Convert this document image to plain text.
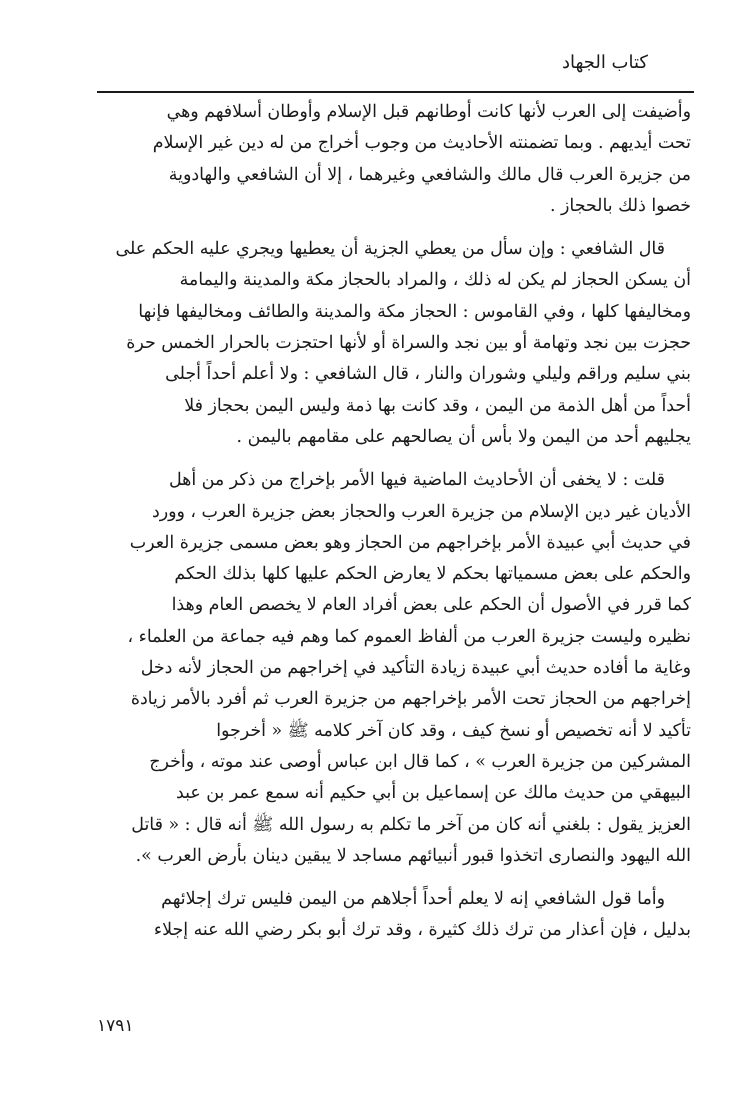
كتاب الجهاد

وأضيفت إلى العرب لأنها كانت أوطانهم قبل الإسلام وأوطان أسلافهم وهي
تحت أيديهم . وبما تضمنته الأحاديث من وجوب أخراج من له دين غير الإسلام
من جزيرة العرب قال مالك والشافعي وغيرهما ، إلا أن الشافعي والهادوية
خصوا ذلك بالحجاز .

قال الشافعي : وإن سأل من يعطي الجزية أن يعطيها ويجري عليه الحكم على
أن يسكن الحجاز لم يكن له ذلك ، والمراد بالحجاز مكة والمدينة واليمامة
ومخاليفها كلها ، وفي القاموس : الحجاز مكة والمدينة والطائف ومخاليفها فإنها
حجزت بين نجد وتهامة أو بين نجد والسراة أو لأنها احتجزت بالحرار الخمس حرة
بني سليم وراقم وليلي وشوران والنار ، قال الشافعي : ولا أعلم أحداً أجلى
أحداً من أهل الذمة من اليمن ، وقد كانت بها ذمة وليس اليمن بحجاز فلا
يجليهم أحد من اليمن ولا بأس أن يصالحهم على مقامهم باليمن .

قلت : لا يخفى أن الأحاديث الماضية فيها الأمر بإخراج من ذكر من أهل
الأديان غير دين الإسلام من جزيرة العرب والحجاز بعض جزيرة العرب ، وورد
في حديث أبي عبيدة الأمر بإخراجهم من الحجاز وهو بعض مسمى جزيرة العرب
والحكم على بعض مسمياتها بحكم لا يعارض الحكم عليها كلها بذلك الحكم
كما قرر في الأصول أن الحكم على بعض أفراد العام لا يخصص العام وهذا
نظيره وليست جزيرة العرب من ألفاظ العموم كما وهم فيه جماعة من العلماء ،
وغاية ما أفاده حديث أبي عبيدة زيادة التأكيد في إخراجهم من الحجاز لأنه دخل
إخراجهم من الحجاز تحت الأمر بإخراجهم من جزيرة العرب ثم أفرد بالأمر زيادة
تأكيد لا أنه تخصيص أو نسخ كيف ، وقد كان آخر كلامه ﷺ « أخرجوا
المشركين من جزيرة العرب » ، كما قال ابن عباس أوصى عند موته ، وأخرج
البيهقي من حديث مالك عن إسماعيل بن أبي حكيم أنه سمع عمر بن عبد
العزيز يقول : بلغني أنه كان من آخر ما تكلم به رسول الله ﷺ أنه قال : « قاتل
الله اليهود والنصارى اتخذوا قبور أنبيائهم مساجد لا يبقين دينان بأرض العرب ».

وأما قول الشافعي إنه لا يعلم أحداً أجلاهم من اليمن فليس ترك إجلائهم
بدليل ، فإن أعذار من ترك ذلك كثيرة ، وقد ترك أبو بكر رضي الله عنه إجلاء

١٧٩١
